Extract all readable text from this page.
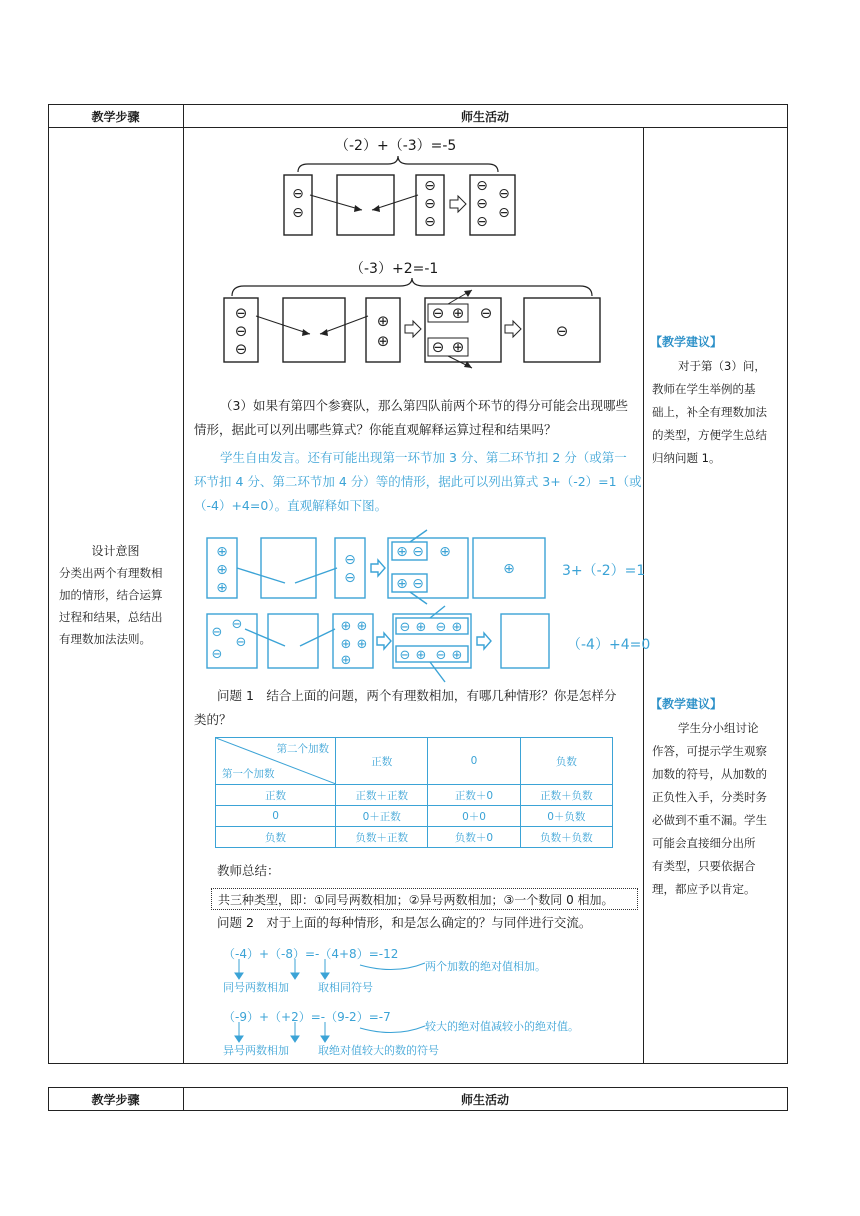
教学步骤	师生活动
（-2）+（-3）=-5
⊖
⊖
⊖
⊖
⊖
⊖
⊖
⊖
⊖
⊖
（-3）+2=-1
⊖
⊖
⊖
⊕
⊕
⊖ ⊕ ⊖
⊖ ⊕
⊖
（3）如果有第四个参赛队，那么第四队前两个环节的得分可能会出现哪些
情形，据此可以列出哪些算式？你能直观解释运算过程和结果吗？
学生自由发言。还有可能出现第一环节加 3 分、第二环节扣 2 分（或第一
环节扣 4 分、第二环节加 4 分）等的情形，据此可以列出算式 3+（-2）=1（或
（-4）+4=0）。直观解释如下图。
⊕
⊕
⊕
⊖
⊖
⊕ ⊖ ⊕
⊕ ⊖
⊕	3+（-2）=1
⊖
⊖
⊖
⊖
⊕ ⊕
⊕ ⊕
⊕
⊖ ⊕ ⊖ ⊕
⊖ ⊕ ⊖ ⊕
（-4）+4=0
问题 1　结合上面的问题，两个有理数相加，有哪几种情形？你是怎样分
类的？
第二个加数
第一个加数	正数	0	负数
正数	正数＋正数	正数＋0	正数＋负数
0	0＋正数	0＋0	0＋负数
负数	负数＋正数	负数＋0	负数＋负数
教师总结：
共三种类型，即：①同号两数相加；②异号两数相加；③一个数同 0 相加。
问题 2　对于上面的每种情形，和是怎么确定的？与同伴进行交流。
（-4）+（-8）=-（4+8）=-12
两个加数的绝对值相加。
同号两数相加	取相同符号
（-9）+（+2）=-（9-2）=-7
较大的绝对值减较小的绝对值。
异号两数相加	取绝对值较大的数的符号
设计意图
分类出两个有理数相
加的情形，结合运算
过程和结果，总结出
有理数加法法则。
【教学建议】
对于第（3）问，
教师在学生举例的基
础上，补全有理数加法
的类型，方便学生总结
归纳问题 1。
【教学建议】
学生分小组讨论
作答，可提示学生观察
加数的符号，从加数的
正负性入手，分类时务
必做到不重不漏。学生
可能会直接细分出所
有类型，只要依据合
理，都应予以肯定。
教学步骤	师生活动
